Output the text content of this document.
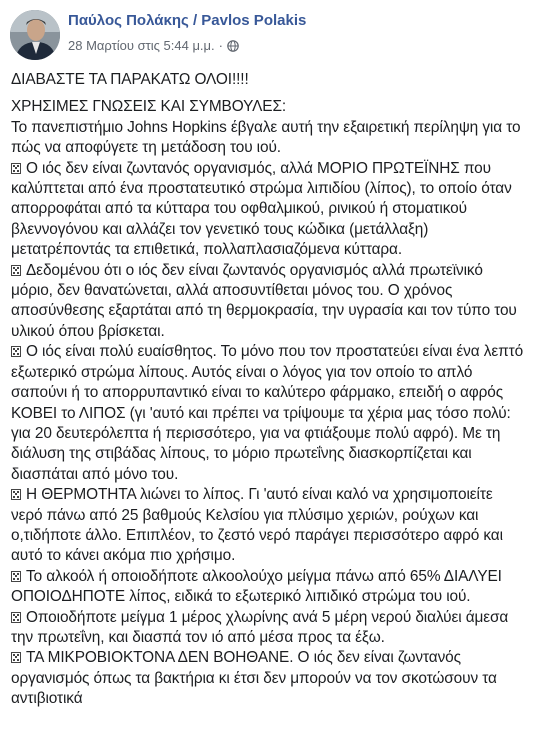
Παύλος Πολάκης / Pavlos Polakis
28 Μαρτίου στις 5:44 μ.μ. ·

ΔΙΑΒΑΣΤΕ ΤΑ ΠΑΡΑΚΑΤΩ ΟΛΟΙ!!!!

ΧΡΗΣΙΜΕΣ ΓΝΩΣΕΙΣ ΚΑΙ ΣΥΜΒΟΥΛΕΣ:

Το πανεπιστήμιο Johns Hopkins έβγαλε αυτή την εξαιρετική περίληψη για το
πώς να αποφύγετε τη μετάδοση του ιού.

Ο ιός δεν είναι ζωντανός οργανισμός, αλλά ΜΟΡΙΟ ΠΡΩΤΕΪΝΗΣ που
καλύπτεται από ένα προστατευτικό στρώμα λιπιδίου (λίπος), το οποίο όταν
απορροφάται από τα κύτταρα του οφθαλμικού, ρινικού ή στοματικού
βλεννογόνου και αλλάζει τον γενετικό τους κώδικα (μετάλλαξη)
μετατρέποντάς τα επιθετικά, πολλαπλασιαζόμενα κύτταρα.

Δεδομένου ότι ο ιός δεν είναι ζωντανός οργανισμός αλλά πρωτεϊνικό
μόριο, δεν θανατώνεται, αλλά αποσυντίθεται μόνος του. Ο χρόνος
αποσύνθεσης εξαρτάται από τη θερμοκρασία, την υγρασία και τον τύπο του
υλικού όπου βρίσκεται.

Ο ιός είναι πολύ ευαίσθητος. Το μόνο που τον προστατεύει είναι ένα λεπτό
εξωτερικό στρώμα λίπους. Αυτός είναι ο λόγος για τον οποίο το απλό
σαπούνι ή το απορρυπαντικό είναι το καλύτερο φάρμακο, επειδή ο αφρός
ΚΟΒΕΙ το ΛΙΠΟΣ (γι 'αυτό και πρέπει να τρίψουμε τα χέρια μας τόσο πολύ:
για 20 δευτερόλεπτα ή περισσότερο, για να φτιάξουμε πολύ αφρό). Με τη
διάλυση της στιβάδας λίπους, το μόριο πρωτεΐνης διασκορπίζεται και
διασπάται από μόνο του.

Η ΘΕΡΜΟΤΗΤΑ λιώνει το λίπος. Γι 'αυτό είναι καλό να χρησιμοποιείτε
νερό πάνω από 25 βαθμούς Κελσίου για πλύσιμο χεριών, ρούχων και
ο,τιδήποτε άλλο. Επιπλέον, το ζεστό νερό παράγει περισσότερο αφρό και
αυτό το κάνει ακόμα πιο χρήσιμο.

Το αλκοόλ ή οποιοδήποτε αλκοολούχο μείγμα πάνω από 65% ΔΙΑΛΥΕΙ
ΟΠΟΙΟΔΗΠΟΤΕ λίπος, ειδικά το εξωτερικό λιπιδικό στρώμα του ιού.

Οποιοδήποτε μείγμα 1 μέρος χλωρίνης ανά 5 μέρη νερού διαλύει άμεσα
την πρωτεΐνη, και διασπά τον ιό από μέσα προς τα έξω.

ΤΑ ΜΙΚΡΟΒΙΟΚΤΟΝΑ ΔΕΝ ΒΟΗΘΑΝΕ. Ο ιός δεν είναι ζωντανός
οργανισμός όπως τα βακτήρια κι έτσι δεν μπορούν να τον σκοτώσουν τα
αντιβιοτικά
